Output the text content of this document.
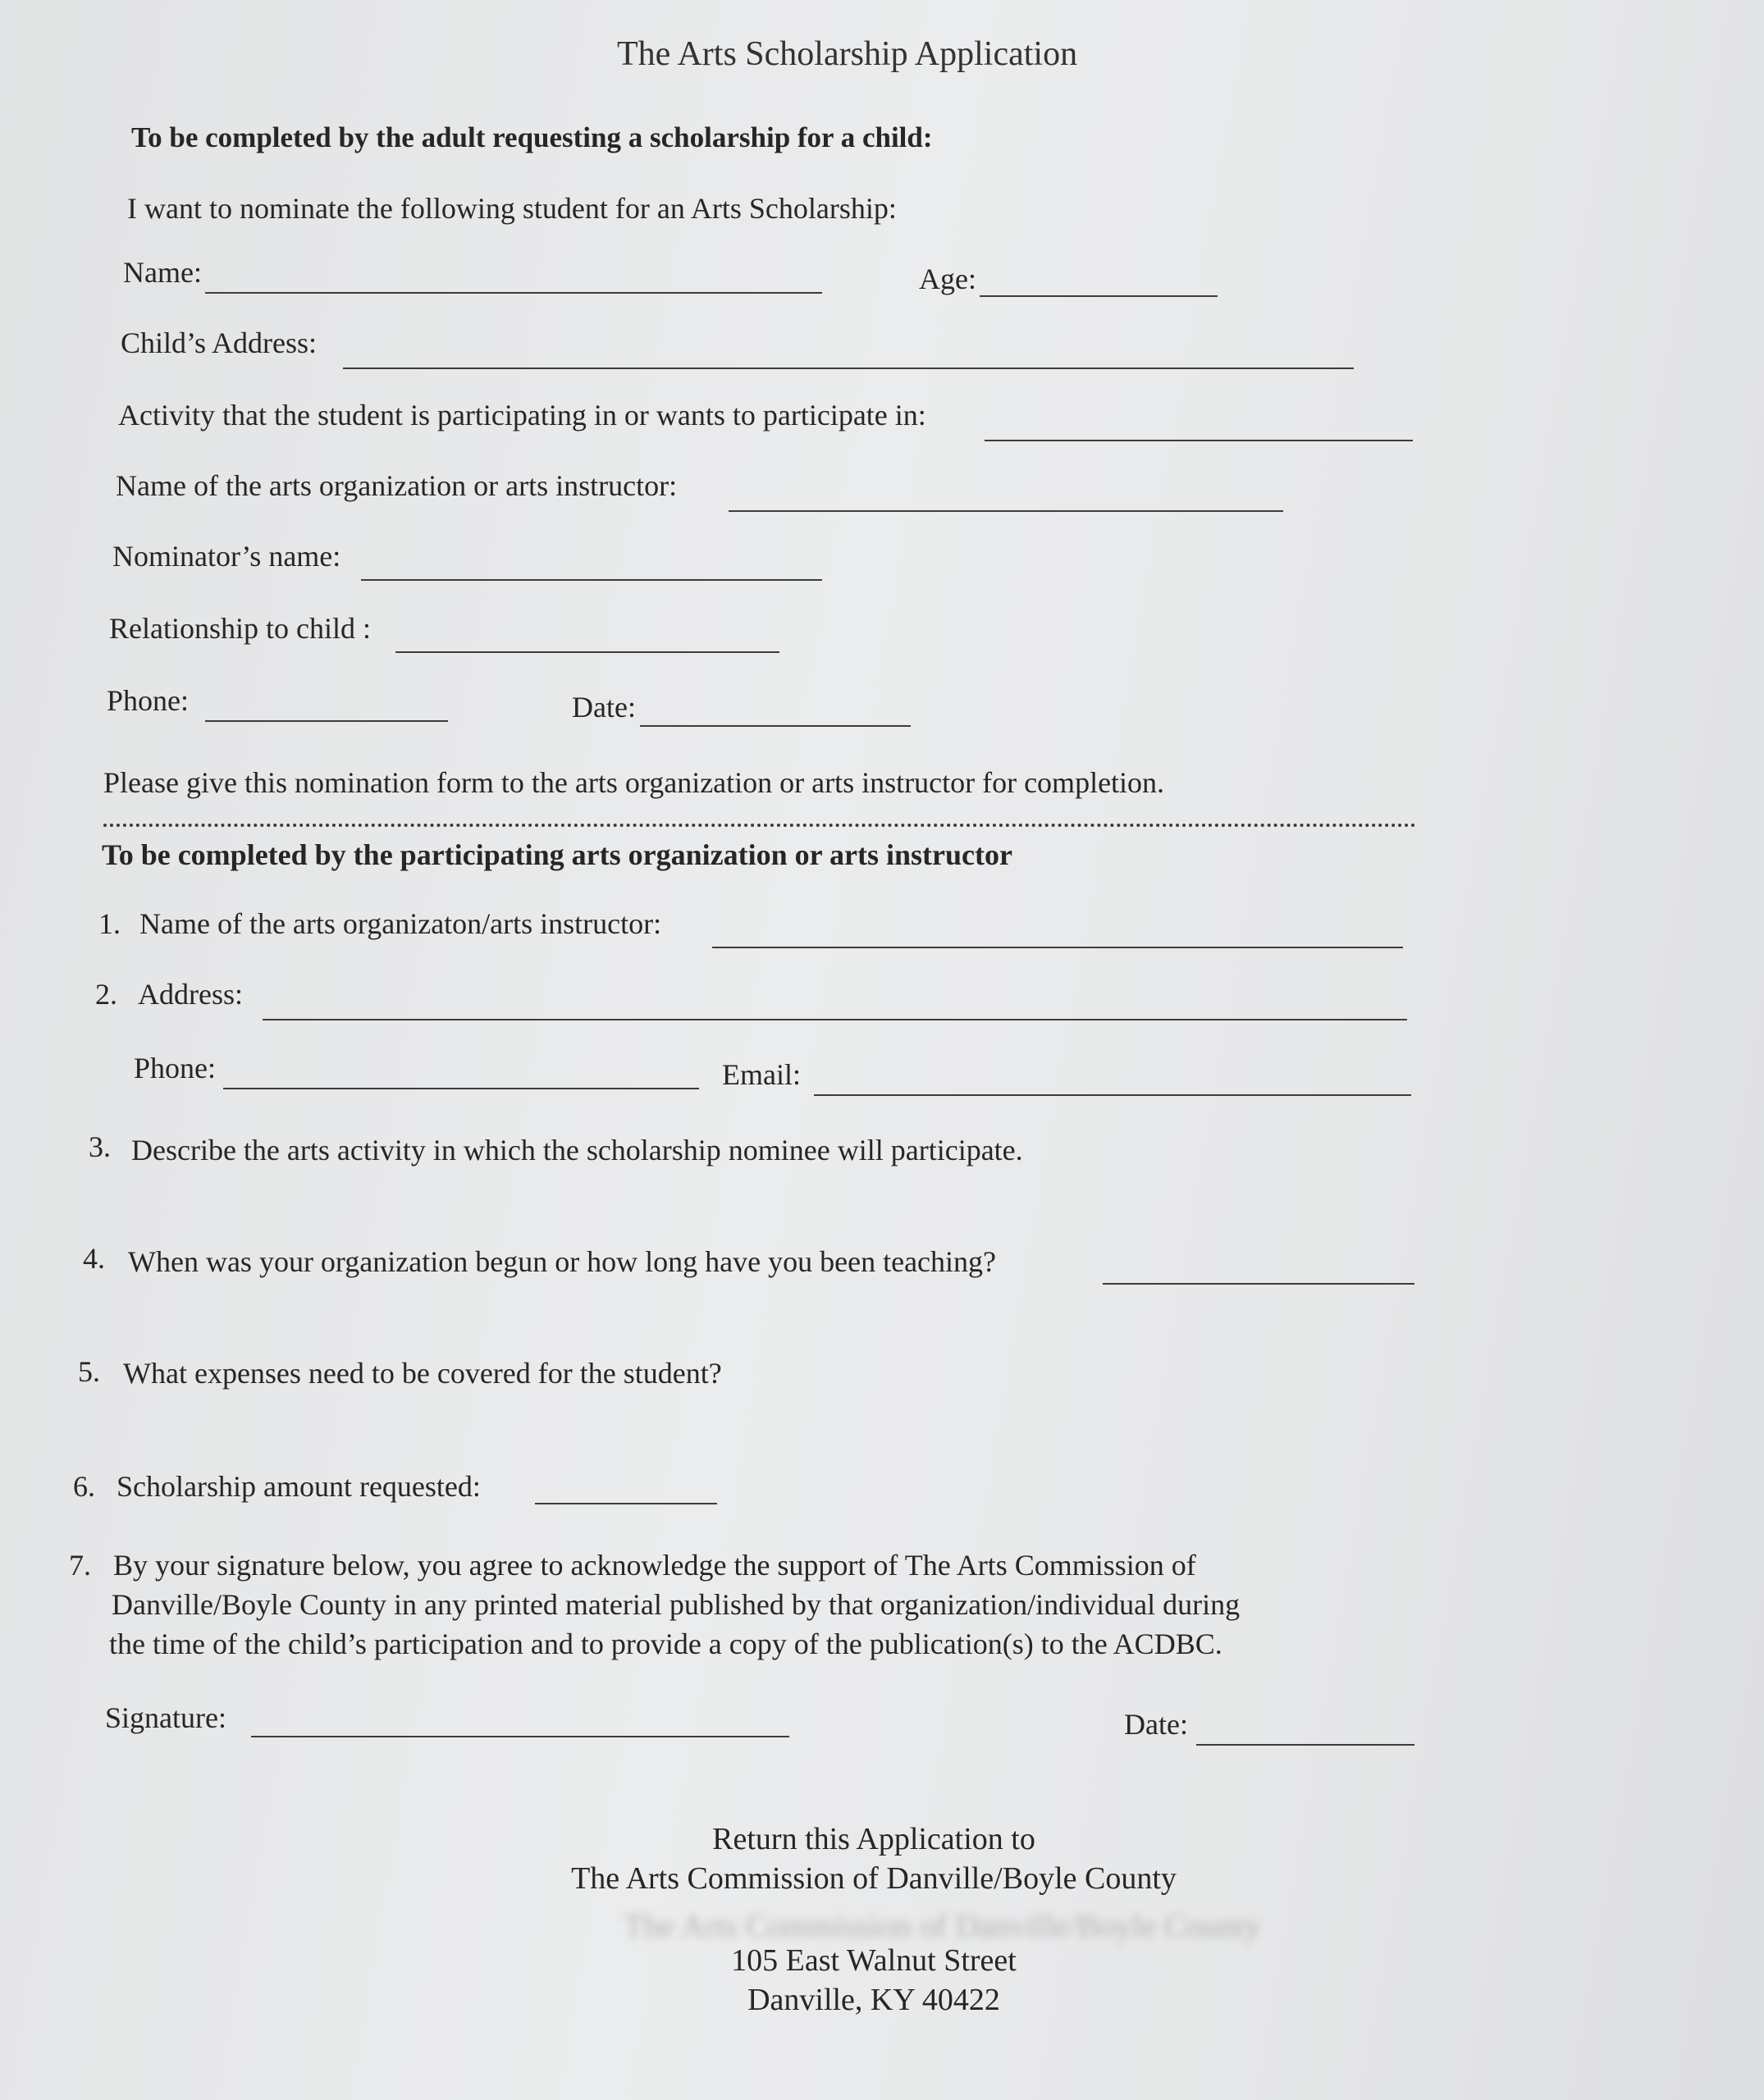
The Arts Scholarship Application
To be completed by the adult requesting a scholarship for a child:
I want to nominate the following student for an Arts Scholarship:
Name:	Age:
Child’s Address:
Activity that the student is participating in or wants to participate in:
Name of the arts organization or arts instructor:
Nominator’s name:
Relationship to child :
Phone:	Date:
Please give this nomination form to the arts organization or arts instructor for completion.
To be completed by the participating arts organization or arts instructor
1. Name of the arts organizaton/arts instructor:
2. Address:
Phone:	Email:
3. Describe the arts activity in which the scholarship nominee will participate.
4. When was your organization begun or how long have you been teaching?
5. What expenses need to be covered for the student?
6. Scholarship amount requested:
7. By your signature below, you agree to acknowledge the support of The Arts Commission of
Danville/Boyle County in any printed material published by that organization/individual during
the time of the child’s participation and to provide a copy of the publication(s) to the ACDBC.
Signature:	Date:
Return this Application to
The Arts Commission of Danville/Boyle County
The Arts Commission of Danville/Boyle County
105 East Walnut Street
Danville, KY 40422
